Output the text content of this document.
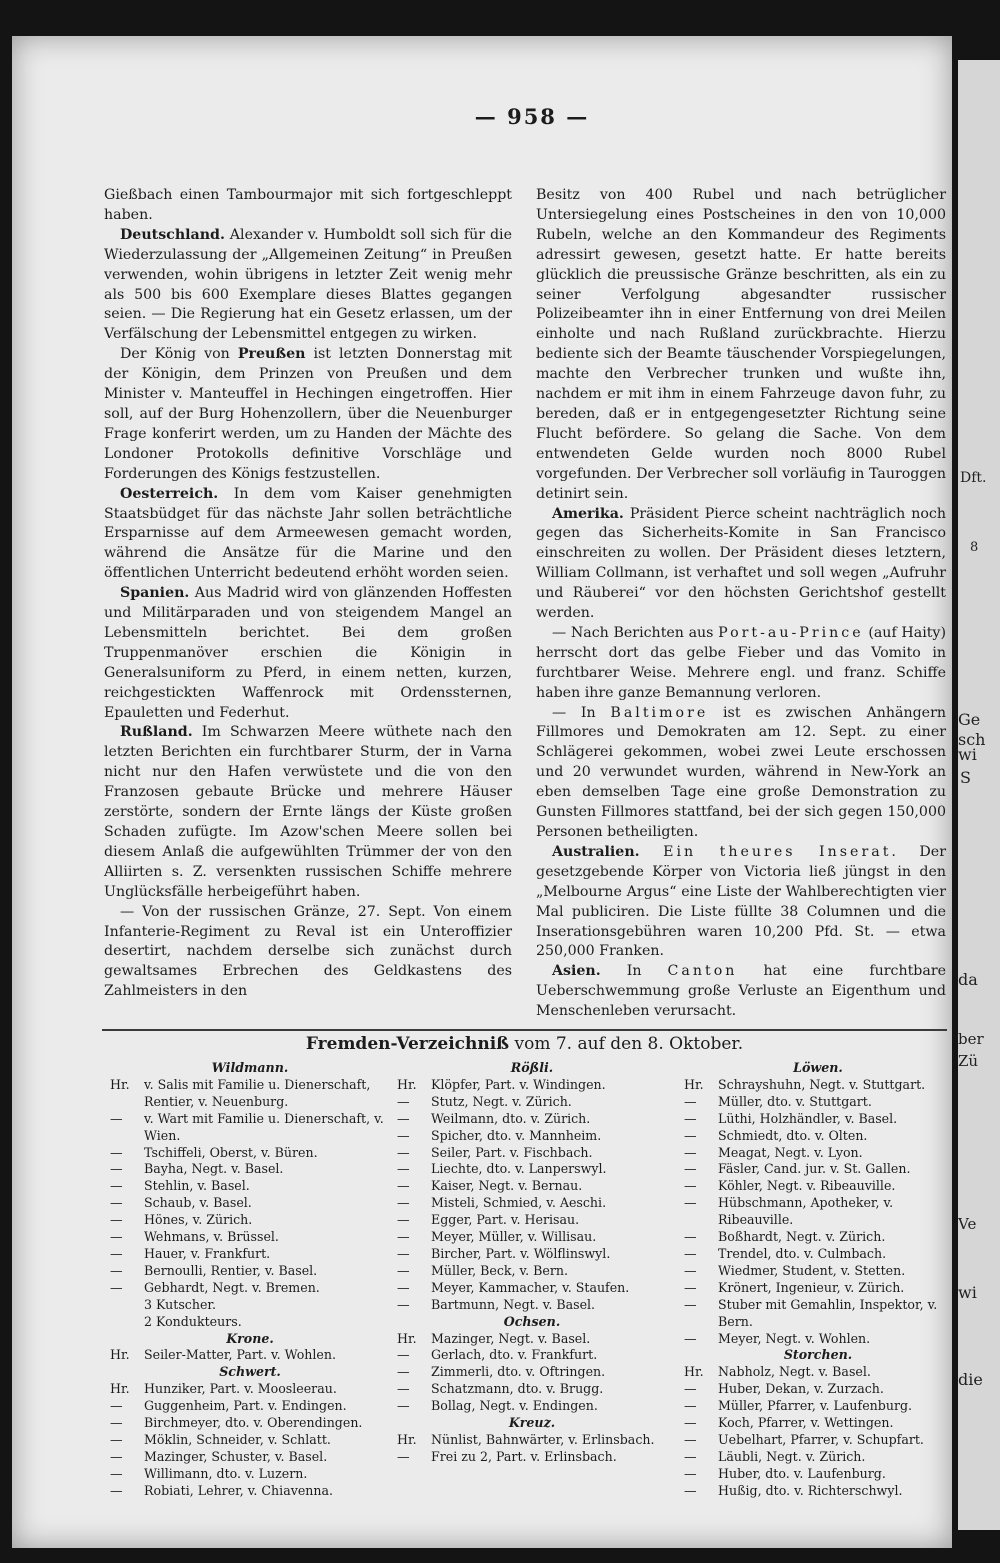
— 958 —

Gießbach einen Tambourmajor mit sich fortgeschleppt haben.

Deutschland. Alexander v. Humboldt soll sich für die Wiederzulassung der „Allgemeinen Zeitung“ in Preußen verwenden, wohin übrigens in letzter Zeit wenig mehr als 500 bis 600 Exemplare dieses Blattes gegangen seien. — Die Regierung hat ein Gesetz erlassen, um der Verfälschung der Lebensmittel entgegen zu wirken.

Der König von Preußen ist letzten Donnerstag mit der Königin, dem Prinzen von Preußen und dem Minister v. Manteuffel in Hechingen eingetroffen. Hier soll, auf der Burg Hohenzollern, über die Neuenburger Frage konferirt werden, um zu Handen der Mächte des Londoner Protokolls definitive Vorschläge und Forderungen des Königs festzustellen.

Oesterreich. In dem vom Kaiser genehmigten Staatsbüdget für das nächste Jahr sollen beträchtliche Ersparnisse auf dem Armeewesen gemacht worden, während die Ansätze für die Marine und den öffentlichen Unterricht bedeutend erhöht worden seien.

Spanien. Aus Madrid wird von glänzenden Hoffesten und Militärparaden und von steigendem Mangel an Lebensmitteln berichtet. Bei dem großen Truppenmanöver erschien die Königin in Generalsuniform zu Pferd, in einem netten, kurzen, reichgestickten Waffenrock mit Ordenssternen, Epauletten und Federhut.

Rußland. Im Schwarzen Meere wüthete nach den letzten Berichten ein furchtbarer Sturm, der in Varna nicht nur den Hafen verwüstete und die von den Franzosen gebaute Brücke und mehrere Häuser zerstörte, sondern der Ernte längs der Küste großen Schaden zufügte. Im Azow'schen Meere sollen bei diesem Anlaß die aufgewühlten Trümmer der von den Alliirten s. Z. versenkten russischen Schiffe mehrere Unglücksfälle herbeigeführt haben.

— Von der russischen Gränze, 27. Sept. Von einem Infanterie-Regiment zu Reval ist ein Unteroffizier desertirt, nachdem derselbe sich zunächst durch gewaltsames Erbrechen des Geldkastens des Zahlmeisters in den

Besitz von 400 Rubel und nach betrüglicher Untersiegelung eines Postscheines in den von 10,000 Rubeln, welche an den Kommandeur des Regiments adressirt gewesen, gesetzt hatte. Er hatte bereits glücklich die preussische Gränze beschritten, als ein zu seiner Verfolgung abgesandter russischer Polizeibeamter ihn in einer Entfernung von drei Meilen einholte und nach Rußland zurückbrachte. Hierzu bediente sich der Beamte täuschender Vorspiegelungen, machte den Verbrecher trunken und wußte ihn, nachdem er mit ihm in einem Fahrzeuge davon fuhr, zu bereden, daß er in entgegengesetzter Richtung seine Flucht befördere. So gelang die Sache. Von dem entwendeten Gelde wurden noch 8000 Rubel vorgefunden. Der Verbrecher soll vorläufig in Tauroggen detinirt sein.

Amerika. Präsident Pierce scheint nachträglich noch gegen das Sicherheits-Komite in San Francisco einschreiten zu wollen. Der Präsident dieses letztern, William Collmann, ist verhaftet und soll wegen „Aufruhr und Räuberei“ vor den höchsten Gerichtshof gestellt werden.

— Nach Berichten aus Port-au-Prince (auf Haity) herrscht dort das gelbe Fieber und das Vomito in furchtbarer Weise. Mehrere engl. und franz. Schiffe haben ihre ganze Bemannung verloren.

— In Baltimore ist es zwischen Anhängern Fillmores und Demokraten am 12. Sept. zu einer Schlägerei gekommen, wobei zwei Leute erschossen und 20 verwundet wurden, während in New-York an eben demselben Tage eine große Demonstration zu Gunsten Fillmores stattfand, bei der sich gegen 150,000 Personen betheiligten.

Australien. Ein theures Inserat. Der gesetzgebende Körper von Victoria ließ jüngst in den „Melbourne Argus“ eine Liste der Wahlberechtigten vier Mal publiciren. Die Liste füllte 38 Columnen und die Inserationsgebühren waren 10,200 Pfd. St. — etwa 250,000 Franken.

Asien. In Canton hat eine furchtbare Ueberschwemmung große Verluste an Eigenthum und Menschenleben verursacht.

Fremden-Verzeichniß vom 7. auf den 8. Oktober.
Wildmann.
Hr.	v. Salis mit Familie u. Dienerschaft, Rentier, v. Neuenburg.
—	v. Wart mit Familie u. Dienerschaft, v. Wien.
—	Tschiffeli, Oberst, v. Büren.
—	Bayha, Negt. v. Basel.
—	Stehlin, v. Basel.
—	Schaub, v. Basel.
—	Hönes, v. Zürich.
—	Wehmans, v. Brüssel.
—	Hauer, v. Frankfurt.
—	Bernoulli, Rentier, v. Basel.
—	Gebhardt, Negt. v. Bremen.
3 Kutscher.
2 Kondukteurs.
Krone.
Hr.	Seiler-Matter, Part. v. Wohlen.
Schwert.
Hr.	Hunziker, Part. v. Moosleerau.
—	Guggenheim, Part. v. Endingen.
—	Birchmeyer, dto. v. Oberendingen.
—	Möklin, Schneider, v. Schlatt.
—	Mazinger, Schuster, v. Basel.
—	Willimann, dto. v. Luzern.
—	Robiati, Lehrer, v. Chiavenna.
Rößli.
Hr.	Klöpfer, Part. v. Windingen.
—	Stutz, Negt. v. Zürich.
—	Weilmann, dto. v. Zürich.
—	Spicher, dto. v. Mannheim.
—	Seiler, Part. v. Fischbach.
—	Liechte, dto. v. Lanperswyl.
—	Kaiser, Negt. v. Bernau.
—	Misteli, Schmied, v. Aeschi.
—	Egger, Part. v. Herisau.
—	Meyer, Müller, v. Willisau.
—	Bircher, Part. v. Wölflinswyl.
—	Müller, Beck, v. Bern.
—	Meyer, Kammacher, v. Staufen.
—	Bartmunn, Negt. v. Basel.
Ochsen.
Hr.	Mazinger, Negt. v. Basel.
—	Gerlach, dto. v. Frankfurt.
—	Zimmerli, dto. v. Oftringen.
—	Schatzmann, dto. v. Brugg.
—	Bollag, Negt. v. Endingen.
Kreuz.
Hr.	Nünlist, Bahnwärter, v. Erlinsbach.
—	Frei zu 2, Part. v. Erlinsbach.
Löwen.
Hr.	Schrayshuhn, Negt. v. Stuttgart.
—	Müller, dto. v. Stuttgart.
—	Lüthi, Holzhändler, v. Basel.
—	Schmiedt, dto. v. Olten.
—	Meagat, Negt. v. Lyon.
—	Fäsler, Cand. jur. v. St. Gallen.
—	Köhler, Negt. v. Ribeauville.
—	Hübschmann, Apotheker, v. Ribeauville.
—	Boßhardt, Negt. v. Zürich.
—	Trendel, dto. v. Culmbach.
—	Wiedmer, Student, v. Stetten.
—	Krönert, Ingenieur, v. Zürich.
—	Stuber mit Gemahlin, Inspektor, v. Bern.
—	Meyer, Negt. v. Wohlen.
Storchen.
Hr.	Nabholz, Negt. v. Basel.
—	Huber, Dekan, v. Zurzach.
—	Müller, Pfarrer, v. Laufenburg.
—	Koch, Pfarrer, v. Wettingen.
—	Uebelhart, Pfarrer, v. Schupfart.
—	Läubli, Negt. v. Zürich.
—	Huber, dto. v. Laufenburg.
—	Hußig, dto. v. Richterschwyl.
Dft.
8
Ve
ber
Zü
Ge
sch
wi
S
da
die
wi
